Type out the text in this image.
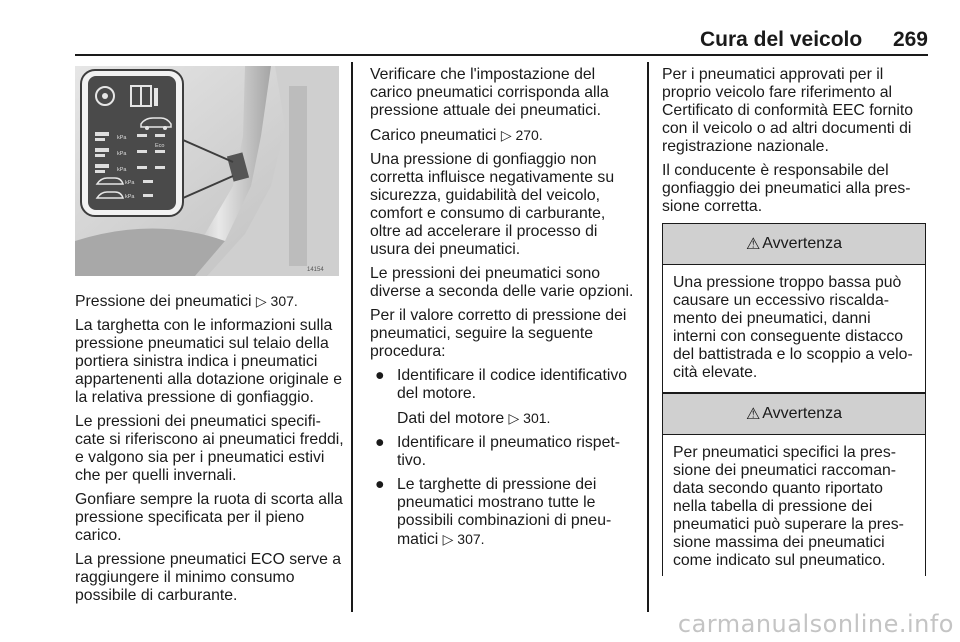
Cura del veicolo	269
kPa
kPa
Eco
kPa
kPa
kPa
14154

Pressione dei pneumatici ▷ 307.

La targhetta con le informazioni sulla pressione pneumatici sul telaio della portiera sinistra indica i pneumatici appartenenti alla dotazione originale e la relativa pressione di gonfiaggio.

Le pressioni dei pneumatici specifi-cate si riferiscono ai pneumatici freddi, e valgono sia per i pneumatici estivi che per quelli invernali.

Gonfiare sempre la ruota di scorta alla pressione specificata per il pieno carico.

La pressione pneumatici ECO serve a raggiungere il minimo consumo possibile di carburante.

Verificare che l'impostazione del carico pneumatici corrisponda alla pressione attuale dei pneumatici.

Carico pneumatici ▷ 270.

Una pressione di gonfiaggio non corretta influisce negativamente su sicurezza, guidabilità del veicolo, comfort e consumo di carburante, oltre ad accelerare il processo di usura dei pneumatici.

Le pressioni dei pneumatici sono diverse a seconda delle varie opzioni.

Per il valore corretto di pressione dei pneumatici, seguire la seguente procedura:

● Identificare il codice identificativo del motore.
Dati del motore ▷ 301.
● Identificare il pneumatico rispet-tivo.
● Le targhette di pressione dei pneumatici mostrano tutte le possibili combinazioni di pneu-matici ▷ 307.

Per i pneumatici approvati per il proprio veicolo fare riferimento al Certificato di conformità EEC fornito con il veicolo o ad altri documenti di registrazione nazionale.

Il conducente è responsabile del gonfiaggio dei pneumatici alla pres-sione corretta.

⚠ Avvertenza
Una pressione troppo bassa può causare un eccessivo riscalda-mento dei pneumatici, danni interni con conseguente distacco del battistrada e lo scoppio a velo-cità elevate.
⚠ Avvertenza
Per pneumatici specifici la pres-sione dei pneumatici raccoman-data secondo quanto riportato nella tabella di pressione dei pneumatici può superare la pres-sione massima dei pneumatici come indicato sul pneumatico.
carmanualsonline.info
